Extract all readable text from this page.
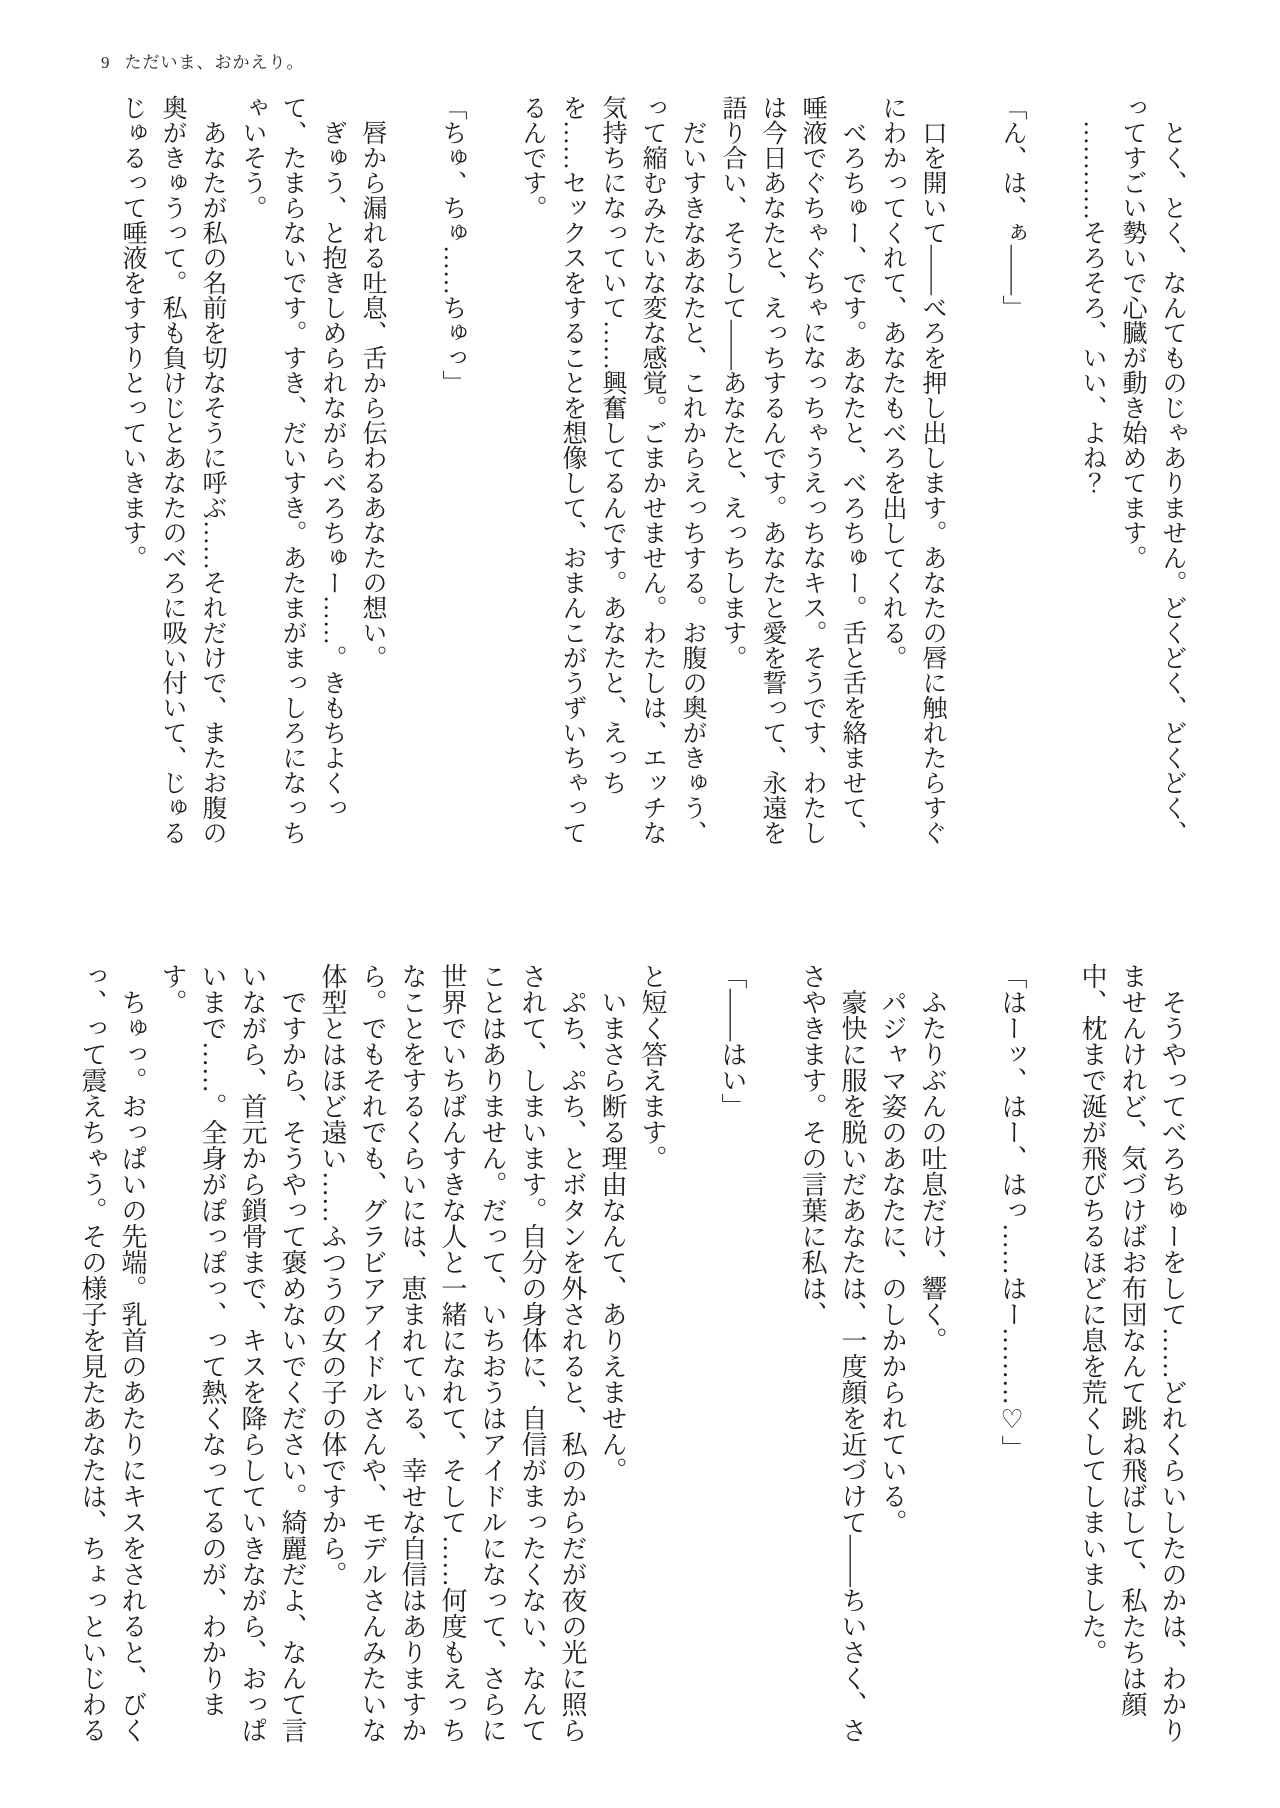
9 ただいま、おかえり。

とく、とく、なんてものじゃありません。どくどく、どくどく、ってすごい勢いで心臓が動き始めてます。

…………そろそろ、いい、よね？

「ん、は、ぁ――」

口を開いて――べろを押し出します。あなたの唇に触れたらすぐにわかってくれて、あなたもべろを出してくれる。

べろちゅー、です。あなたと、べろちゅー。舌と舌を絡ませて、唾液でぐちゃぐちゃになっちゃうえっちなキス。そうです、わたしは今日あなたと、えっちするんです。あなたと愛を誓って、永遠を語り合い、そうして――あなたと、えっちします。

だいすきなあなたと、これからえっちする。お腹の奥がきゅう、って縮むみたいな変な感覚。ごまかせません。わたしは、エッチな気持ちになっていて……興奮してるんです。あなたと、えっちを……セックスをすることを想像して、おまんこがうずいちゃってるんです。

「ちゅ、ちゅ……ちゅっ」

唇から漏れる吐息、舌から伝わるあなたの想い。

ぎゅう、と抱きしめられながらべろちゅー……。きもちよくって、たまらないです。すき、だいすき。あたまがまっしろになっちゃいそう。

あなたが私の名前を切なそうに呼ぶ……それだけで、またお腹の奥がきゅうって。私も負けじとあなたのべろに吸い付いて、じゅるじゅるって唾液をすすりとっていきます。

そうやってべろちゅーをして……どれくらいしたのかは、わかりませんけれど、気づけばお布団なんて跳ね飛ばして、私たちは顔中、枕まで涎が飛びちるほどに息を荒くしてしまいました。

「はーッ、はー、はっ……はー………♡」

ふたりぶんの吐息だけ、響く。

パジャマ姿のあなたに、のしかかられている。

豪快に服を脱いだあなたは、一度顔を近づけて――ちいさく、ささやきます。その言葉に私は、

「――はい」

と短く答えます。

いまさら断る理由なんて、ありえません。

ぷち、ぷち、とボタンを外されると、私のからだが夜の光に照らされて、しまいます。自分の身体に、自信がまったくない、なんてことはありません。だって、いちおうはアイドルになって、さらに世界でいちばんすきな人と一緒になれて、そして……何度もえっちなことをするくらいには、恵まれている、幸せな自信はありますから。でもそれでも、グラビアアイドルさんや、モデルさんみたいな体型とはほど遠い……ふつうの女の子の体ですから。

ですから、そうやって褒めないでください。綺麗だよ、なんて言いながら、首元から鎖骨まで、キスを降らしていきながら、おっぱいまで……。全身がぽっぽっ、って熱くなってるのが、わかります。

ちゅっ。おっぱいの先端。乳首のあたりにキスをされると、びくっ、って震えちゃう。その様子を見たあなたは、ちょっといじわる
